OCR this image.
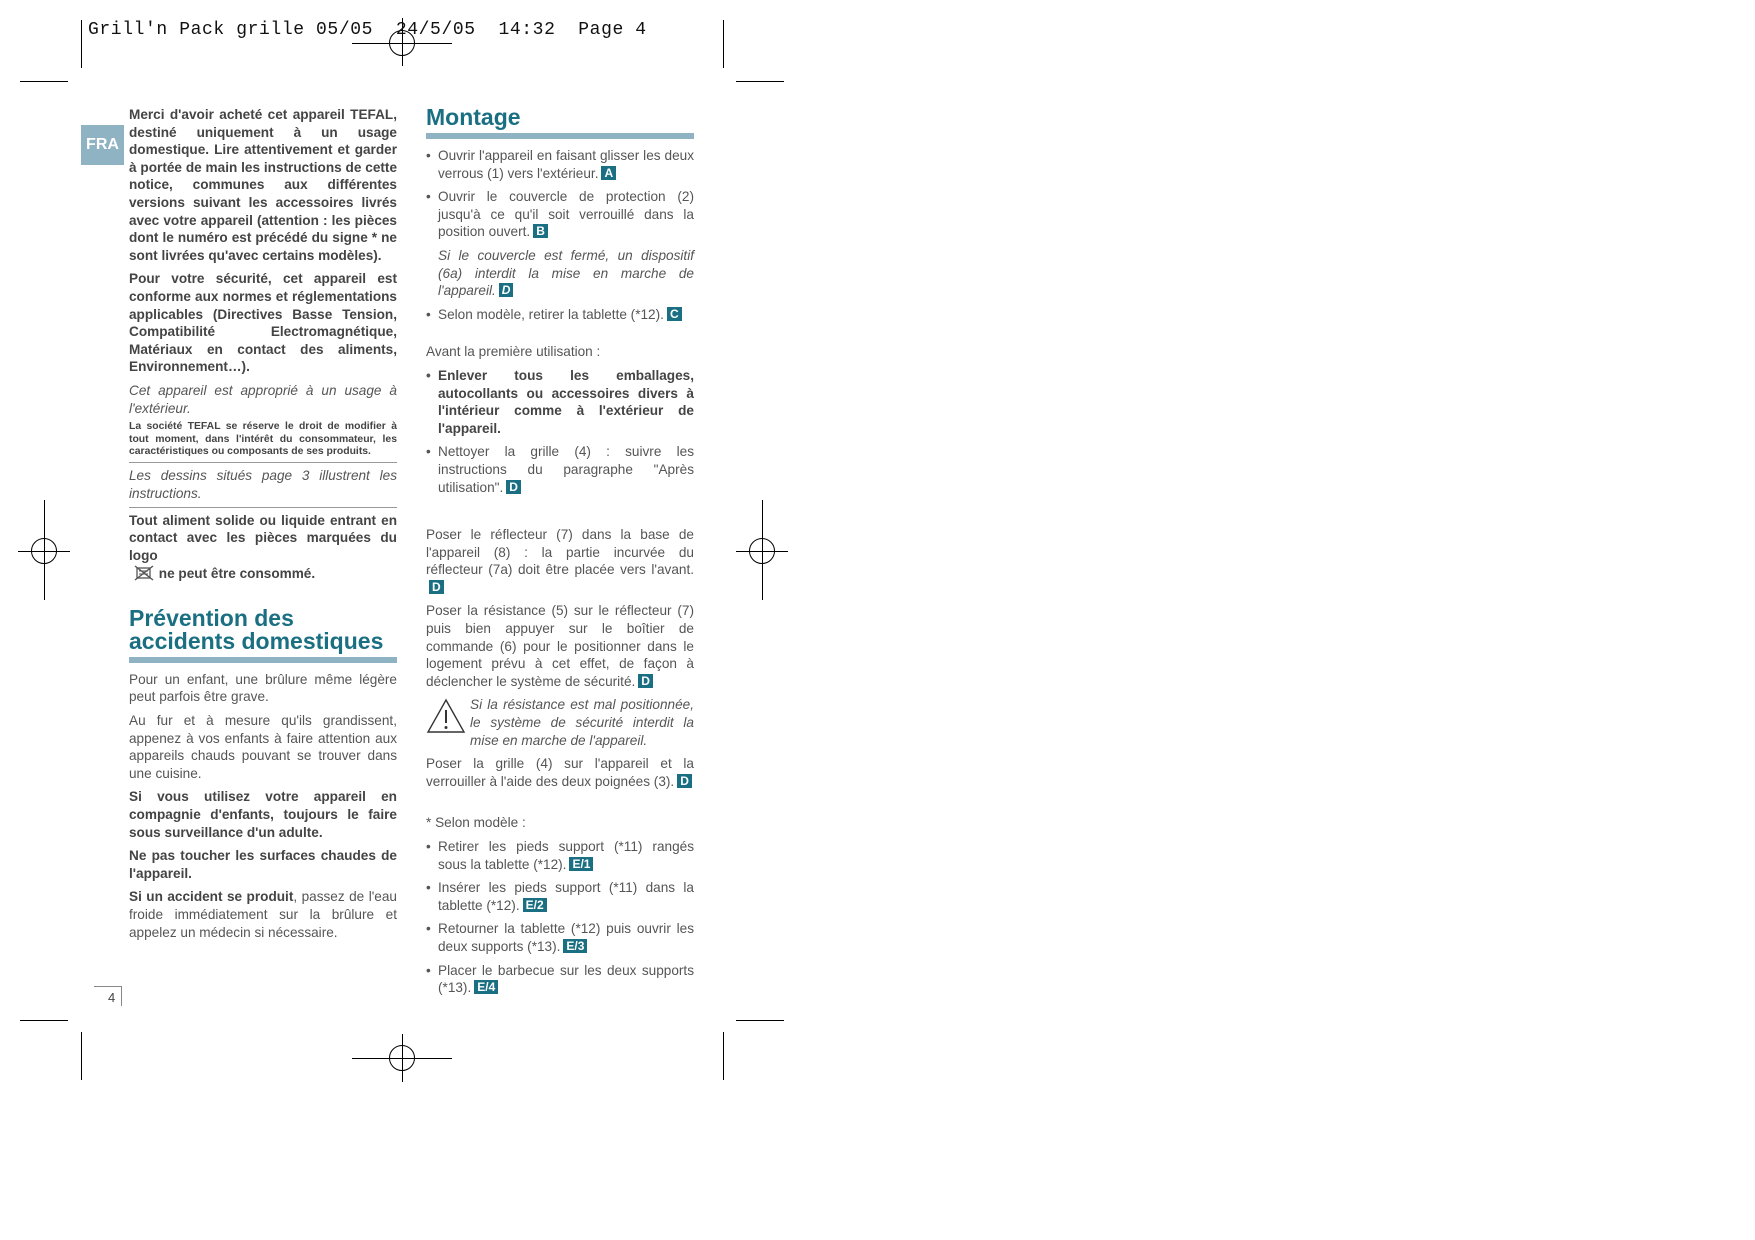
Grill'n Pack grille 05/05  24/5/05  14:32  Page 4
FRA

Merci d'avoir acheté cet appareil TEFAL, destiné uniquement à un usage domestique. Lire attentivement et garder à portée de main les instructions de cette notice, communes aux différentes versions suivant les accessoires livrés avec votre appareil (attention : les pièces dont le numéro est précédé du signe * ne sont livrées qu'avec certains modèles).

Pour votre sécurité, cet appareil est conforme aux normes et réglementations applicables (Directives Basse Tension, Compatibilité Electromagnétique, Matériaux en contact des aliments, Environnement…).

Cet appareil est approprié à un usage à l'extérieur.

La société TEFAL se réserve le droit de modifier à tout moment, dans l'intérêt du consommateur, les caractéristiques ou composants de ses produits.

Les dessins situés page 3 illustrent les instructions.

Tout aliment solide ou liquide entrant en contact avec les pièces marquées du logo
ne peut être consommé.

Prévention des
accidents domestiques

Pour un enfant, une brûlure même légère peut parfois être grave.

Au fur et à mesure qu'ils grandissent, appenez à vos enfants à faire attention aux appareils chauds pouvant se trouver dans une cuisine.

Si vous utilisez votre appareil en compagnie d'enfants, toujours le faire sous surveillance d'un adulte.

Ne pas toucher les surfaces chaudes de l'appareil.

Si un accident se produit, passez de l'eau froide immédiatement sur la brûlure et appelez un médecin si nécessaire.

Montage
• Ouvrir l'appareil en faisant glisser les deux verrous (1) vers l'extérieur. A
• Ouvrir le couvercle de protection (2) jusqu'à ce qu'il soit verrouillé dans la position ouvert. B

Si le couvercle est fermé, un dispositif (6a) interdit la mise en marche de l'appareil. D

• Selon modèle, retirer la tablette (*12). C

Avant la première utilisation :

• Enlever tous les emballages, autocollants ou accessoires divers à l'intérieur comme à l'extérieur de l'appareil.
• Nettoyer la grille (4) : suivre les instructions du paragraphe "Après utilisation". D

Poser le réflecteur (7) dans la base de l'appareil (8) : la partie incurvée du réflecteur (7a) doit être placée vers l'avant.D

Poser la résistance (5) sur le réflecteur (7) puis bien appuyer sur le boîtier de commande (6) pour le positionner dans le logement prévu à cet effet, de façon à déclencher le système de sécurité. D

Si la résistance est mal positionnée, le système de sécurité interdit la mise en marche de l'appareil.

Poser la grille (4) sur l'appareil et la verrouiller à l'aide des deux poignées (3). D

* Selon modèle :

• Retirer les pieds support (*11) rangés sous la tablette (*12). E/1
• Insérer les pieds support (*11) dans la tablette (*12). E/2
• Retourner la tablette (*12) puis ouvrir les deux supports (*13). E/3
• Placer le barbecue sur les deux supports (*13). E/4
4
